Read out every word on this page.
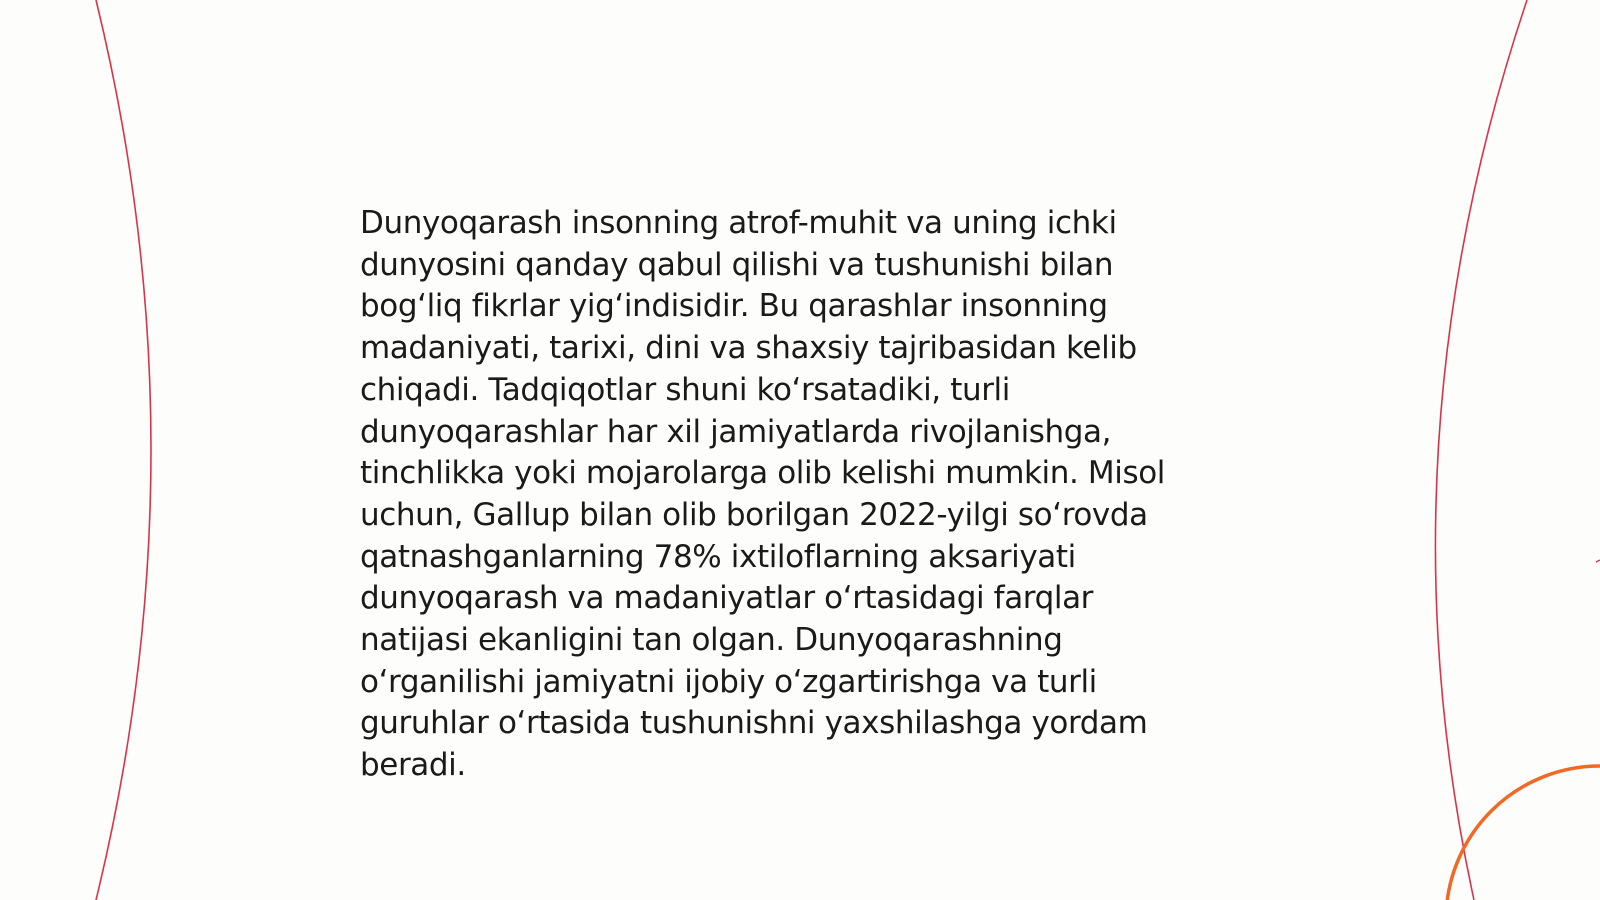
Dunyoqarash insonning atrof-muhit va uning ichki
dunyosini qanday qabul qilishi va tushunishi bilan
bog‘liq fikrlar yig‘indisidir. Bu qarashlar insonning
madaniyati, tarixi, dini va shaxsiy tajribasidan kelib
chiqadi. Tadqiqotlar shuni ko‘rsatadiki, turli
dunyoqarashlar har xil jamiyatlarda rivojlanishga,
tinchlikka yoki mojarolarga olib kelishi mumkin. Misol
uchun, Gallup bilan olib borilgan 2022-yilgi so‘rovda
qatnashganlarning 78% ixtiloflarning aksariyati
dunyoqarash va madaniyatlar o‘rtasidagi farqlar
natijasi ekanligini tan olgan. Dunyoqarashning
o‘rganilishi jamiyatni ijobiy o‘zgartirishga va turli
guruhlar o‘rtasida tushunishni yaxshilashga yordam
beradi.
